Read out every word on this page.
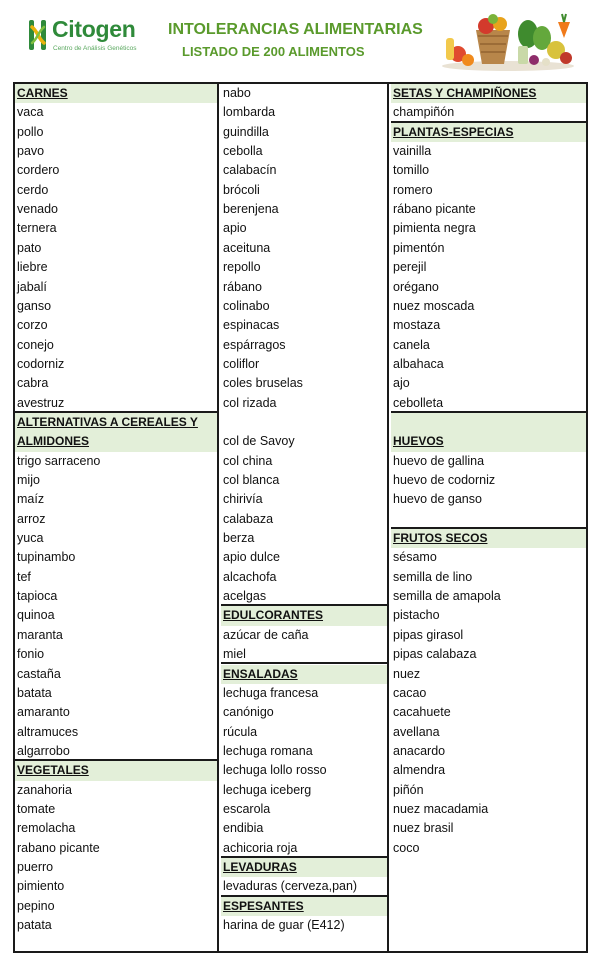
Citogen
Centro de Análisis Genéticos
INTOLERANCIAS ALIMENTARIAS
LISTADO DE 200 ALIMENTOS
CARNES
vaca
pollo
pavo
cordero
cerdo
venado
ternera
pato
liebre
jabalí
ganso
corzo
conejo
codorniz
cabra
avestruz
ALTERNATIVAS A CEREALES Y ALMIDONES
trigo sarraceno
mijo
maíz
arroz
yuca
tupinambo
tef
tapioca
quinoa
maranta
fonio
castaña
batata
amaranto
altramuces
algarrobo
VEGETALES
zanahoria
tomate
remolacha
rabano picante
puerro
pimiento
pepino
patata
nabo
lombarda
guindilla
cebolla
calabacín
brócoli
berenjena
apio
aceituna
repollo
rábano
colinabo
espinacas
espárragos
coliflor
coles bruselas
col rizada
col de Savoy
col china
col blanca
chirivía
calabaza
berza
apio dulce
alcachofa
acelgas
EDULCORANTES
azúcar de caña
miel
ENSALADAS
lechuga francesa
canónigo
rúcula
lechuga romana
lechuga lollo rosso
lechuga iceberg
escarola
endibia
achicoria roja
LEVADURAS
levaduras (cerveza,pan)
ESPESANTES
harina de guar (E412)
SETAS Y CHAMPIÑONES
champiñón
PLANTAS-ESPECIAS
vainilla
tomillo
romero
rábano picante
pimienta negra
pimentón
perejil
orégano
nuez moscada
mostaza
canela
albahaca
ajo
cebolleta
HUEVOS
huevo de gallina
huevo de codorniz
huevo de ganso
FRUTOS SECOS
sésamo
semilla de lino
semilla de amapola
pistacho
pipas girasol
pipas calabaza
nuez
cacao
cacahuete
avellana
anacardo
almendra
piñón
nuez macadamia
nuez brasil
coco
